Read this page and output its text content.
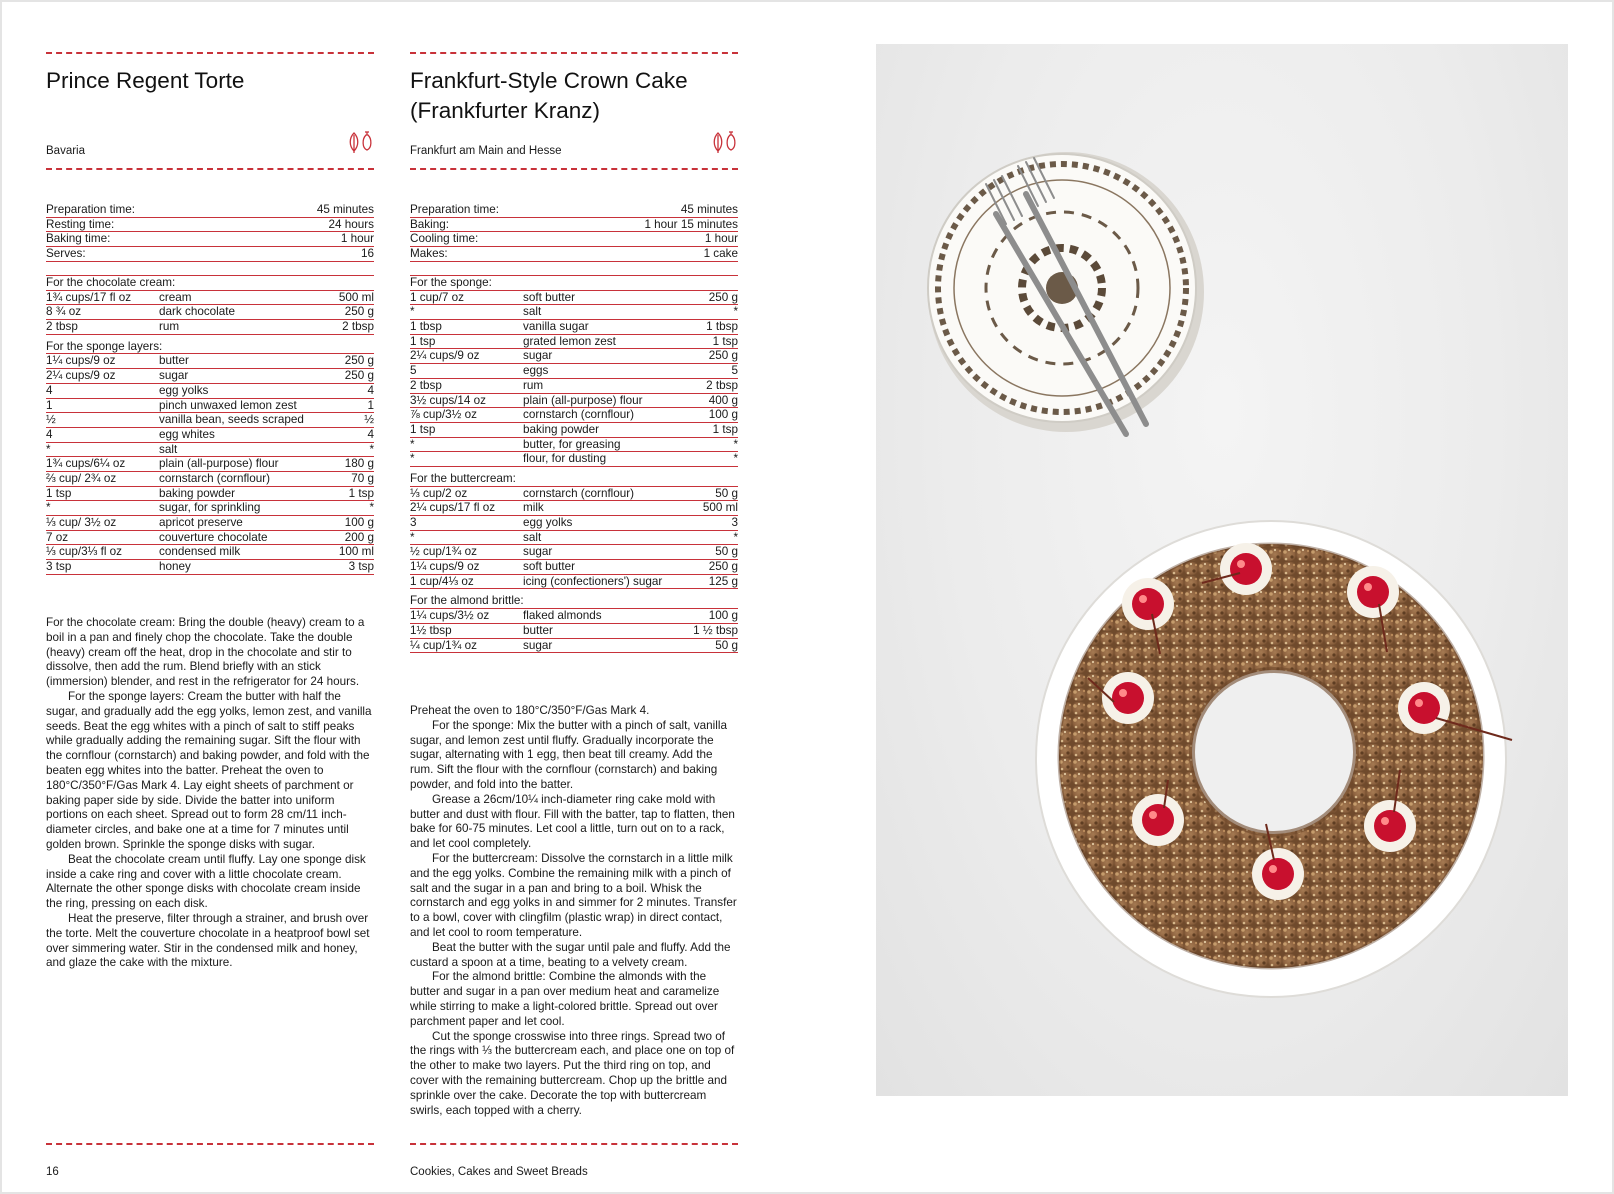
Prince Regent Torte
Bavaria
Preparation time:	45 minutes
Resting time:	24 hours
Baking time:	1 hour
Serves:	16
For the chocolate cream:
1¾ cups/17 fl oz	cream	500 ml
8 ¾ oz	dark chocolate	250 g
2 tbsp	rum	2 tbsp
For the sponge layers:
1¼ cups/9 oz	butter	250 g
2¼ cups/9 oz	sugar	250 g
4	egg yolks	4
1	pinch unwaxed lemon zest	1
½	vanilla bean, seeds scraped	½
4	egg whites	4
*	salt	*
1¾ cups/6¼ oz	plain (all-purpose) flour	180 g
⅔ cup/ 2¾ oz	cornstarch (cornflour)	70 g
1 tsp	baking powder	1 tsp
*	sugar, for sprinkling	*
⅓ cup/ 3½ oz	apricot preserve	100 g
7 oz	couverture chocolate	200 g
⅓ cup/3⅓ fl oz	condensed milk	100 ml
3 tsp	honey	3 tsp

For the chocolate cream: Bring the double (heavy) cream to a boil in a pan and finely chop the chocolate. Take the double (heavy) cream off the heat, drop in the chocolate and stir to dissolve, then add the rum. Blend briefly with an stick (immersion) blender, and rest in the refrigerator for 24 hours.

For the sponge layers: Cream the butter with half the sugar, and gradually add the egg yolks, lemon zest, and vanilla seeds. Beat the egg whites with a pinch of salt to stiff peaks while gradually adding the remaining sugar. Sift the flour with the cornflour (cornstarch) and baking powder, and fold with the beaten egg whites into the batter. Preheat the oven to 180°C/350°F/Gas Mark 4. Lay eight sheets of parchment or baking paper side by side. Divide the batter into uniform portions on each sheet. Spread out to form 28 cm/11 inch-diameter circles, and bake one at a time for 7 minutes until golden brown. Sprinkle the sponge disks with sugar.

Beat the chocolate cream until fluffy. Lay one sponge disk inside a cake ring and cover with a little chocolate cream. Alternate the other sponge disks with chocolate cream inside the ring, pressing on each disk.

Heat the preserve, filter through a strainer, and brush over the torte. Melt the couverture chocolate in a heatproof bowl set over simmering water. Stir in the condensed milk and honey, and glaze the cake with the mixture.

16
Frankfurt-Style Crown Cake
(Frankfurter Kranz)
Frankfurt am Main and Hesse
Preparation time:	45 minutes
Baking:	1 hour 15 minutes
Cooling time:	1 hour
Makes:	1 cake
For the sponge:
1 cup/7 oz	soft butter	250 g
*	salt	*
1 tbsp	vanilla sugar	1 tbsp
1 tsp	grated lemon zest	1 tsp
2¼ cups/9 oz	sugar	250 g
5	eggs	5
2 tbsp	rum	2 tbsp
3½ cups/14 oz	plain (all-purpose) flour	400 g
⅞ cup/3½ oz	cornstarch (cornflour)	100 g
1 tsp	baking powder	1 tsp
*	butter, for greasing	*
*	flour, for dusting	*
For the buttercream:
⅓ cup/2 oz	cornstarch (cornflour)	50 g
2¼ cups/17 fl oz	milk	500 ml
3	egg yolks	3
*	salt	*
½ cup/1¾ oz	sugar	50 g
1¼ cups/9 oz	soft butter	250 g
1 cup/4⅓ oz	icing (confectioners') sugar	125 g
For the almond brittle:
1¼ cups/3½ oz	flaked almonds	100 g
1½ tbsp	butter	1 ½ tbsp
¼ cup/1¾ oz	sugar	50 g

Preheat the oven to 180°C/350°F/Gas Mark 4.

For the sponge: Mix the butter with a pinch of salt, vanilla sugar, and lemon zest until fluffy. Gradually incorporate the sugar, alternating with 1 egg, then beat till creamy. Add the rum. Sift the flour with the cornflour (cornstarch) and baking powder, and fold into the batter.

Grease a 26cm/10¼ inch-diameter ring cake mold with butter and dust with flour. Fill with the batter, tap to flatten, then bake for 60-75 minutes. Let cool a little, turn out on to a rack, and let cool completely.

For the buttercream: Dissolve the cornstarch in a little milk and the egg yolks. Combine the remaining milk with a pinch of salt and the sugar in a pan and bring to a boil. Whisk the cornstarch and egg yolks in and simmer for 2 minutes. Transfer to a bowl, cover with clingfilm (plastic wrap) in direct contact, and let cool to room temperature.

Beat the butter with the sugar until pale and fluffy. Add the custard a spoon at a time, beating to a velvety cream.

For the almond brittle: Combine the almonds with the butter and sugar in a pan over medium heat and caramelize while stirring to make a light-colored brittle. Spread out over parchment paper and let cool.

Cut the sponge crosswise into three rings. Spread two of the rings with ⅓ the buttercream each, and place one on top of the other to make two layers. Put the third ring on top, and cover with the remaining buttercream. Chop up the brittle and sprinkle over the cake. Decorate the top with buttercream swirls, each topped with a cherry.

Cookies, Cakes and Sweet Breads
